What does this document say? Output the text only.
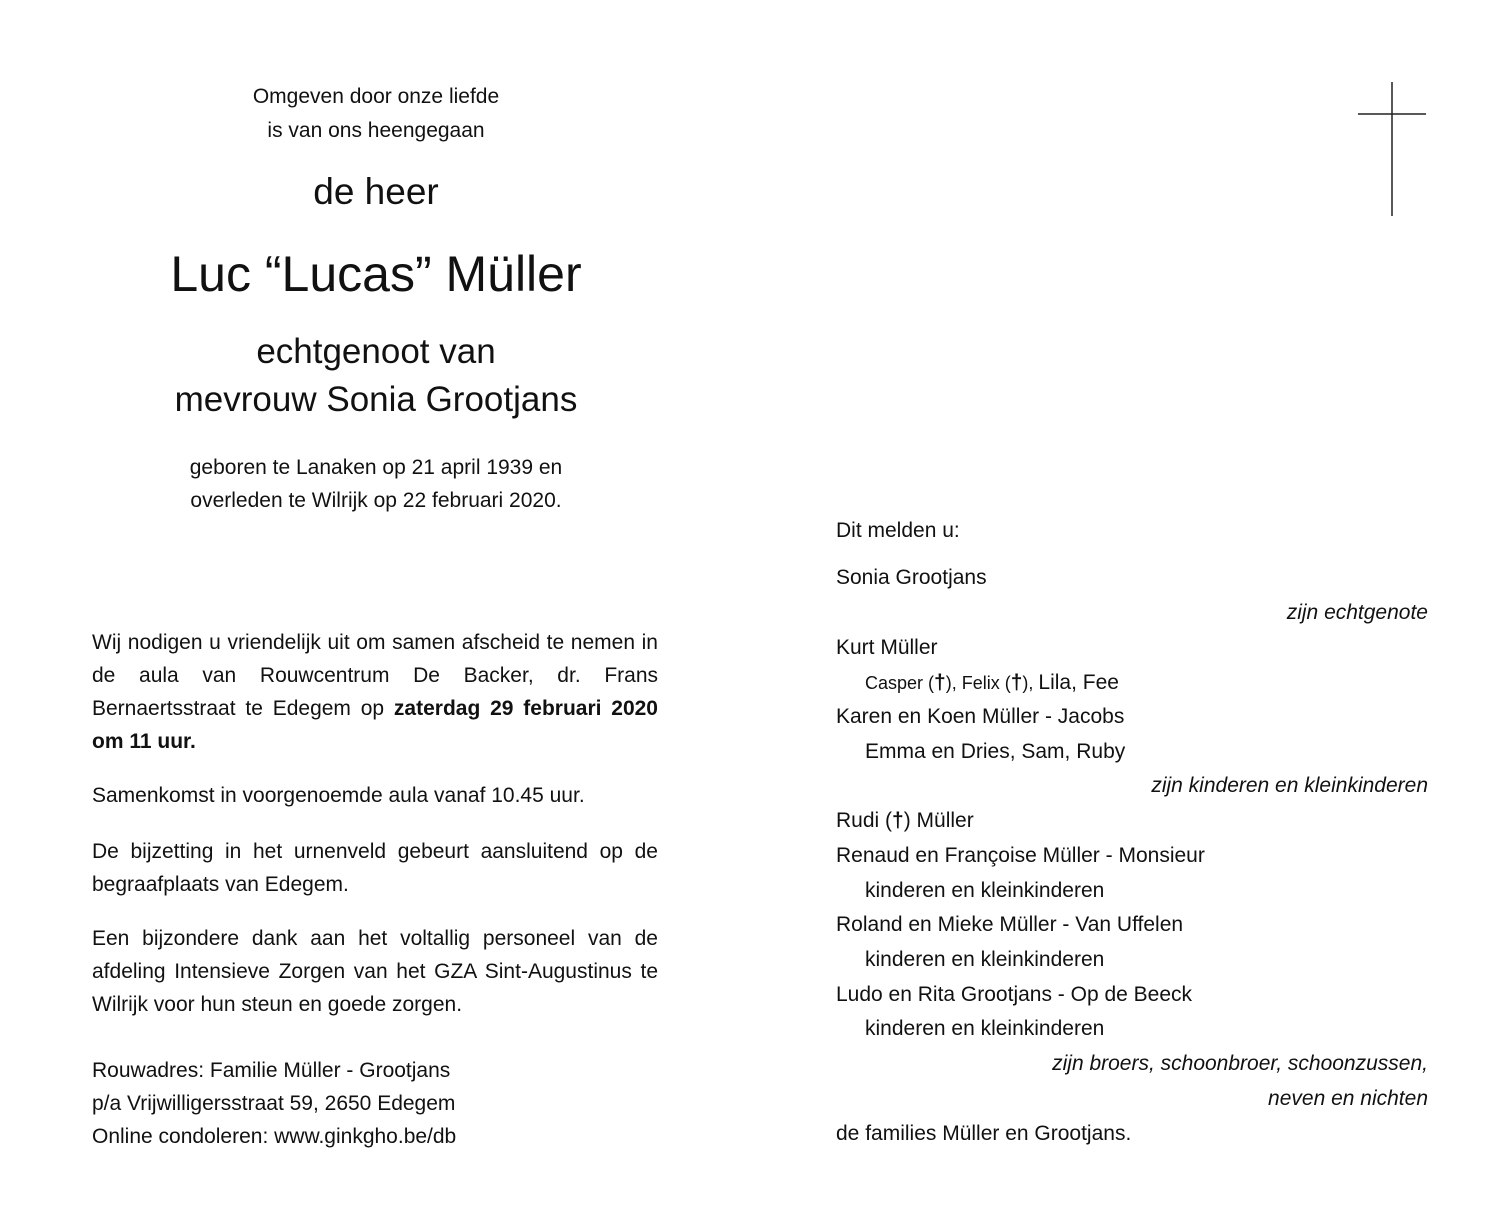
Omgeven door onze liefde
is van ons heengegaan
de heer
Luc “Lucas” Müller
echtgenoot van
mevrouw Sonia Grootjans
geboren te Lanaken op 21 april 1939 en
overleden te Wilrijk op 22 februari 2020.
Wij nodigen u vriendelijk uit om samen afscheid te nemen in de aula van Rouwcentrum De Backer, dr. Frans Bernaertsstraat te Edegem op zaterdag 29 februari 2020 om 11 uur.
Samenkomst in voorgenoemde aula vanaf 10.45 uur.
De bijzetting in het urnenveld gebeurt aansluitend op de begraafplaats van Edegem.
Een bijzondere dank aan het voltallig personeel van de afdeling Intensieve Zorgen van het GZA Sint-Augustinus te Wilrijk voor hun steun en goede zorgen.
Rouwadres: Familie Müller - Grootjans
p/a Vrijwilligersstraat 59, 2650 Edegem
Online condoleren: www.ginkgho.be/db
Dit melden u:
Sonia Grootjans
zijn echtgenote
Kurt Müller
Casper (†), Felix (†), Lila, Fee
Karen en Koen Müller - Jacobs
Emma en Dries, Sam, Ruby
zijn kinderen en kleinkinderen
Rudi (†) Müller
Renaud en Françoise Müller - Monsieur
kinderen en kleinkinderen
Roland en Mieke Müller - Van Uffelen
kinderen en kleinkinderen
Ludo en Rita Grootjans - Op de Beeck
kinderen en kleinkinderen
zijn broers, schoonbroer, schoonzussen,
neven en nichten
de families Müller en Grootjans.
